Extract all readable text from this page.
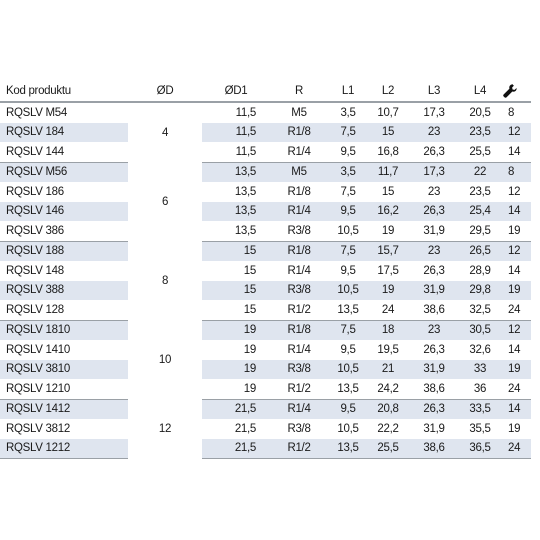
Kod produktu	ØD	ØD1	R	L1	L2	L3	L4	
RQSLV M54	4	11,5	M5	3,5	10,7	17,3	20,5	8
RQSLV 184		11,5	R1/8	7,5	15	23	23,5	12
RQSLV 144		11,5	R1/4	9,5	16,8	26,3	25,5	14
RQSLV M56	6	13,5	M5	3,5	11,7	17,3	22	8
RQSLV 186		13,5	R1/8	7,5	15	23	23,5	12
RQSLV 146		13,5	R1/4	9,5	16,2	26,3	25,4	14
RQSLV 386		13,5	R3/8	10,5	19	31,9	29,5	19
RQSLV 188	8	15	R1/8	7,5	15,7	23	26,5	12
RQSLV 148		15	R1/4	9,5	17,5	26,3	28,9	14
RQSLV 388		15	R3/8	10,5	19	31,9	29,8	19
RQSLV 128		15	R1/2	13,5	24	38,6	32,5	24
RQSLV 1810	10	19	R1/8	7,5	18	23	30,5	12
RQSLV 1410		19	R1/4	9,5	19,5	26,3	32,6	14
RQSLV 3810		19	R3/8	10,5	21	31,9	33	19
RQSLV 1210		19	R1/2	13,5	24,2	38,6	36	24
RQSLV 1412	12	21,5	R1/4	9,5	20,8	26,3	33,5	14
RQSLV 3812		21,5	R3/8	10,5	22,2	31,9	35,5	19
RQSLV 1212		21,5	R1/2	13,5	25,5	38,6	36,5	24
